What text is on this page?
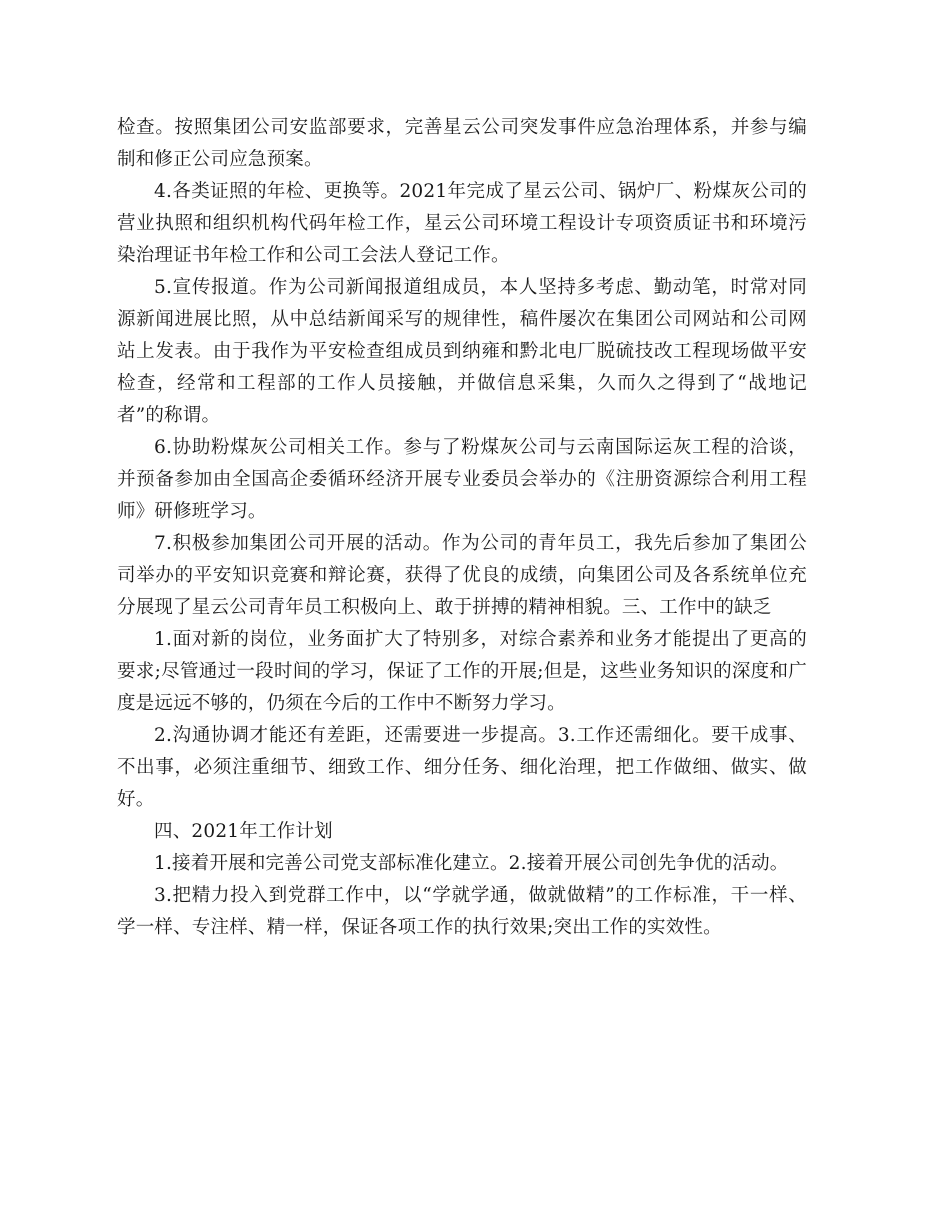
检查。按照集团公司安监部要求，完善星云公司突发事件应急治理体系，并参与编制和修正公司应急预案。

4.各类证照的年检、更换等。2021年完成了星云公司、锅炉厂、粉煤灰公司的营业执照和组织机构代码年检工作，星云公司环境工程设计专项资质证书和环境污染治理证书年检工作和公司工会法人登记工作。

5.宣传报道。作为公司新闻报道组成员，本人坚持多考虑、勤动笔，时常对同源新闻进展比照，从中总结新闻采写的规律性，稿件屡次在集团公司网站和公司网站上发表。由于我作为平安检查组成员到纳雍和黔北电厂脱硫技改工程现场做平安检查，经常和工程部的工作人员接触，并做信息采集，久而久之得到了“战地记者”的称谓。

6.协助粉煤灰公司相关工作。参与了粉煤灰公司与云南国际运灰工程的洽谈，并预备参加由全国高企委循环经济开展专业委员会举办的《注册资源综合利用工程师》研修班学习。

7.积极参加集团公司开展的活动。作为公司的青年员工，我先后参加了集团公司举办的平安知识竞赛和辩论赛，获得了优良的成绩，向集团公司及各系统单位充分展现了星云公司青年员工积极向上、敢于拼搏的精神相貌。三、工作中的缺乏

1.面对新的岗位，业务面扩大了特别多，对综合素养和业务才能提出了更高的要求;尽管通过一段时间的学习，保证了工作的开展;但是，这些业务知识的深度和广度是远远不够的，仍须在今后的工作中不断努力学习。

2.沟通协调才能还有差距，还需要进一步提高。3.工作还需细化。要干成事、不出事，必须注重细节、细致工作、细分任务、细化治理，把工作做细、做实、做好。

四、2021年工作计划

1.接着开展和完善公司党支部标准化建立。2.接着开展公司创先争优的活动。

3.把精力投入到党群工作中，以“学就学通，做就做精”的工作标准，干一样、学一样、专注样、精一样，保证各项工作的执行效果;突出工作的实效性。
